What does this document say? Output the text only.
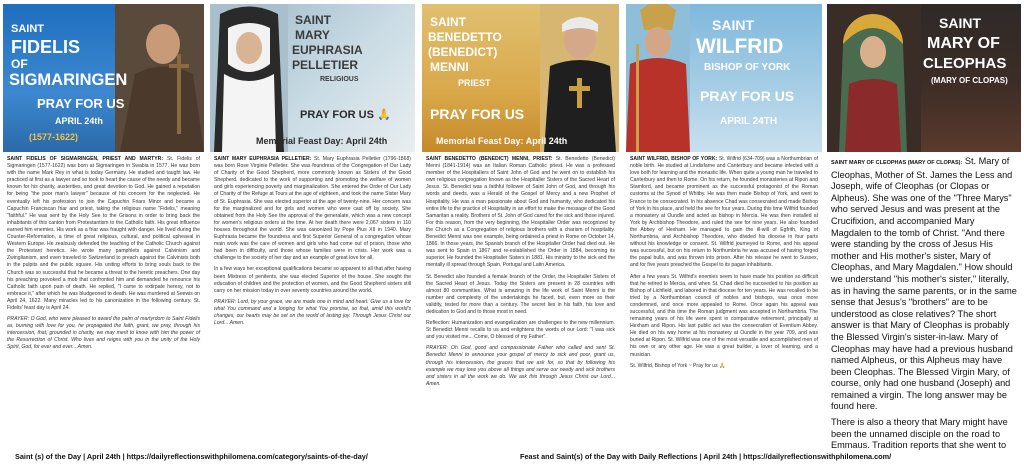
SAINT
FIDELIS
OF
SIGMARINGEN
PRAY FOR US
APRIL 24th
(1577-1622)
SAINT FIDELIS OF SIGMARINGEN, PRIEST AND MARTYR: St. Fidelis of Sigmaringen (1577-1622) was born at Sigmaringen in Swabia in 1577. He was born with the name Mark Rey in what is today Germany. He studied and taught law. He practiced at first as a lawyer and so took to heart the cause of the needy and became known for his charity, austerities, and great devotion to God. He gained a reputation for being "the poor man's lawyer" because of his concern for the neglected. He eventually left his profession to join the Capuchin Friars Minor and became a Capuchin Franciscan friar and priest, taking the religious name "Fidelis," meaning "faithful." He was sent by the Holy See to the Grisons in order to bring back the inhabitants of this canton from Protestantism to the Catholic faith. His great influence earned him enemies. His work as a friar was fraught with danger. He lived during the Counter-Reformation, a time of great religious, cultural, and political upheaval in Western Europe. He zealously defended the teaching of the Catholic Church against the Protestant heretics. He wrote many pamphlets against Calvinism and Zwinglianism, and even traveled to Switzerland to preach against the Calvinists both in the pulpits and the public square. His uniting efforts to bring souls back to the Church was so successful that he became a threat to the heretic preachers. One day his preaching provoked a mob that confronted him and demanded he renounce his Catholic faith upon pain of death. He replied, "I came to extirpate heresy, not to embrace it," after which he was bludgeoned to death. He was murdered at Seewis on April 24, 1622. Many miracles led to his canonization in the following century. St. Fidelis' feast day is April 24.
PRAYER: O God, who were pleased to award the palm of martyrdom to Saint Fidelis as, burning with love for you, he propagated the faith, grant, we pray, through his intercession, that, grounded in charity, we may merit to know with him the power of the Resurrection of Christ. Who lives and reigns with you in the unity of the Holy Spirit, God, for ever and ever... Amen.
SAINT
MARY
EUPHRASIA
PELLETIER
RELIGIOUS
PRAY FOR US 🙏
Memorial Feast Day: April 24th
SAINT MARY EUPHRASIA PELLETIER: St. Mary Euphrasia Pelletier (1796-1868) was born Rose Virginie Pelletier. She was foundress of the Congregation of Our Lady of Charity of the Good Shepherd, more commonly known as Sisters of the Good Shepherd, dedicated to the work of supporting and promoting the welfare of women and girls experiencing poverty and marginalization. She entered the Order of Our Lady of Charity of the Refuge at Tours at the age of eighteen, and took the name Sister Mary of St. Euphrasia. She was elected superior at the age of twenty-nine. Her concern was for the marginalized and for girls and women who were cast off by society. She obtained from the Holy See the approval of the generalate, which was a new concept for women's religious orders at the time. At her death there were 2,067 sisters in 110 houses throughout the world. She was canonized by Pope Pius XII in 1940. Mary Euphrasia became the foundress and first Superior General of a congregation whose main work was the care of women and girls who had come out of prison, those who had been in difficulty, and those whose families were in crisis. Her work was a challenge to the society of her day and an example of great love for all.
In a few ways her exceptional qualifications became so apparent to all that after having been Mistress of penitents, she was elected Superior of the house. She sought the education of children and the protection of women, and the Good Shepherd sisters still carry on her mission today in over seventy countries around the world.
PRAYER: Lord, by your grace, we are made one in mind and heart. Give us a love for what You command and a longing for what You promise, so that, amid this world's changes, our hearts may be set on the world of lasting joy. Through Jesus Christ our Lord... Amen.
SAINT
BENEDETTO
(BENEDICT)
MENNI
PRIEST
PRAY FOR US
Memorial Feast Day: April 24th
SAINT BENEDETTO (BENEDICT) MENNI, PRIEST: St. Benedetto (Benedict) Menni (1841-1914) was an Italian Roman Catholic priest. He was a professed member of the Hospitallers of Saint John of God and he went on to establish his own religious congregation known as the Hospitaller Sisters of the Sacred Heart of Jesus. St. Benedict was a faithful follower of Saint John of God, and through his words and deeds, was a Herald of the Gospel of Mercy and a new Prophet of Hospitality. He was a man passionate about God and humanity, who dedicated his entire life to the practice of Hospitality in an effort to make the message of the Good Samaritan a reality. Brothers of St. John of God cared for the sick and those injured. For this reason, from the very beginning, the Hospitaller Order was recognized by the Church as a Congregation of religious brothers with a charism of hospitality. Benedict Menni was one example, being ordained a priest in Rome on October 14, 1866. In those years, the Spanish branch of the Hospitaller Order had died out. He was sent to Spain in 1867 and re-established the Order in 1884, becoming its superior. He founded the Hospitaller Sisters in 1881. His ministry to the sick and the mentally ill spread through Spain, Portugal and Latin America.
St. Benedict also founded a female branch of the Order, the Hospitaller Sisters of the Sacred Heart of Jesus. Today the Sisters are present in 28 countries with almost 80 communities. What is amazing in the life work of Saint Menni is the number and complexity of the undertakings he faced, but, even more so their validity, tested for more than a century. The secret lies in his faith, his love and dedication to God and to those most in need.
Reflection: Humanization and evangelization are challenges to the new millennium. St Benedict Menni recalls to us and enlightens the words of our Lord: "I was sick and you visited me... Come, O blessed of my Father".
PRAYER: Oh God, good and compassionate Father who called and sent St. Benedict Menni to announce your gospel of mercy to sick and poor, grant us, through his intercession, the graces that we ask for, so that by following his example we may love you above all things and serve our needy and sick brothers and sisters in all the work we do. We ask this through Jesus Christ our Lord... Amen.
SAINT
WILFRID
BISHOP OF YORK
PRAY FOR US
APRIL 24TH
SAINT WILFRID, BISHOP OF YORK: St. Wilfrid (634-709) was a Northumbrian of noble birth. He studied at Lindisfarne and Canterbury and became infected with a love both for learning and the monastic life. When quite a young man he traveled to Canterbury and then to Rome. On his return, he founded monasteries at Ripon and Stamford, and became prominent as the successful protagonist of the Roman customs at the Synod of Whitby. He was then made Bishop of York, and went to France to be consecrated. In his absence Chad was consecrated and made Bishop of York in his place, and held the see for four years. During this time Wilfrid founded a monastery at Oundle and acted as bishop in Mercia. He was then installed at York by Archbishop Theodore, and ruled the see for nine years. He also founded the Abbey of Hexham. He managed to gain the ill-will of Egfrith, King of Northumbria, and Archbishop Theodore, who divided his diocese in four parts without his knowledge or consent. St. Wilfrid journeyed to Rome, and his appeal was successful, but on his return to Northumbria he was accused of having forged the papal bulls, and was thrown into prison. After his release he went to Sussex, and for five years preached the Gospel to its pagan inhabitants.
After a few years St. Wilfrid's enemies seem to have made his position so difficult that he retired to Mercia, and when St. Chad died he succeeded to his position as Bishop of Lichfield, and labored in that diocese for ten years. He was recalled to be tried by a Northumbrian council of nobles and bishops, was once more condemned, and once more appealed to Rome. Once again his appeal was successful, and this time the Roman judgment was accepted in Northumbria. The remaining years of his life were spent in comparative retirement, principally at Hexham and Ripon. His last public act was the consecration of Eventium Abbey. He died on his way home at his monastery at Oundle in the year 709, and was buried at Ripon. St. Wilfrid was one of the most versatile and accomplished men of his own or any other age. He was a great builder, a lover of learning, and a musician.
St. Wilfrid, Bishop of York ~ Pray for us 🙏
SAINT
MARY OF
CLEOPHAS
(MARY OF CLOPAS)
SAINT MARY OF CLEOPHAS (MARY OF CLOPAS): St. Mary of Cleophas, Mother of St. James the Less and Joseph, wife of Cleophas (or Clopas or Alpheus). She was one of the "Three Marys" who served Jesus and was present at the Crucifixion, and accompanied Mary Magdalen to the tomb of Christ. "And there were standing by the cross of Jesus His mother and His mother's sister, Mary of Cleophas, and Mary Magdalen." How should we understand "his mother's sister," literally, as in having the same parents, or in the same sense that Jesus's "brothers" are to be understood as close relatives? The short answer is that Mary of Cleophas is probably the Blessed Virgin's sister-in-law. Mary of Cleophas may have had a previous husband named Alpheus, or this Alpheus may have been Cleophas. The Blessed Virgin Mary, of course, only had one husband (Joseph) and remained a virgin. The long answer may be found here.
There is also a theory that Mary might have been the unnamed disciple on the road to Emmaus. Tradition reports that she went to
Saint (s) of the Day | April 24th | https://dailyreflectionswithphilomena.com/category/saints-of-the-day/	Feast and Saint(s) of the Day with Daily Reflections | April 24th | https://dailyreflectionswithphilomena.com/
